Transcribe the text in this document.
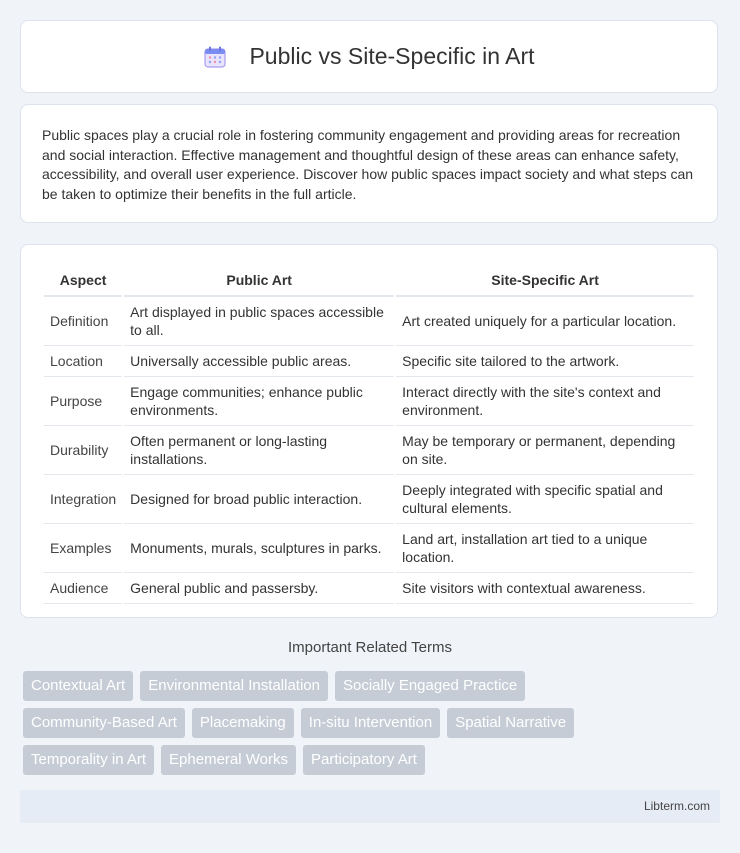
Public vs Site-Specific in Art

Public spaces play a crucial role in fostering community engagement and providing areas for recreation and social interaction. Effective management and thoughtful design of these areas can enhance safety, accessibility, and overall user experience. Discover how public spaces impact society and what steps can be taken to optimize their benefits in the full article.

Aspect	Public Art	Site-Specific Art
Definition	Art displayed in public spaces accessible to all.	Art created uniquely for a particular location.
Location	Universally accessible public areas.	Specific site tailored to the artwork.
Purpose	Engage communities; enhance public environments.	Interact directly with the site's context and environment.
Durability	Often permanent or long-lasting installations.	May be temporary or permanent, depending on site.
Integration	Designed for broad public interaction.	Deeply integrated with specific spatial and cultural elements.
Examples	Monuments, murals, sculptures in parks.	Land art, installation art tied to a unique location.
Audience	General public and passersby.	Site visitors with contextual awareness.
Important Related Terms
Contextual Art	Environmental Installation	Socially Engaged Practice
Community-Based Art	Placemaking	In-situ Intervention	Spatial Narrative
Temporality in Art	Ephemeral Works	Participatory Art
Libterm.com
